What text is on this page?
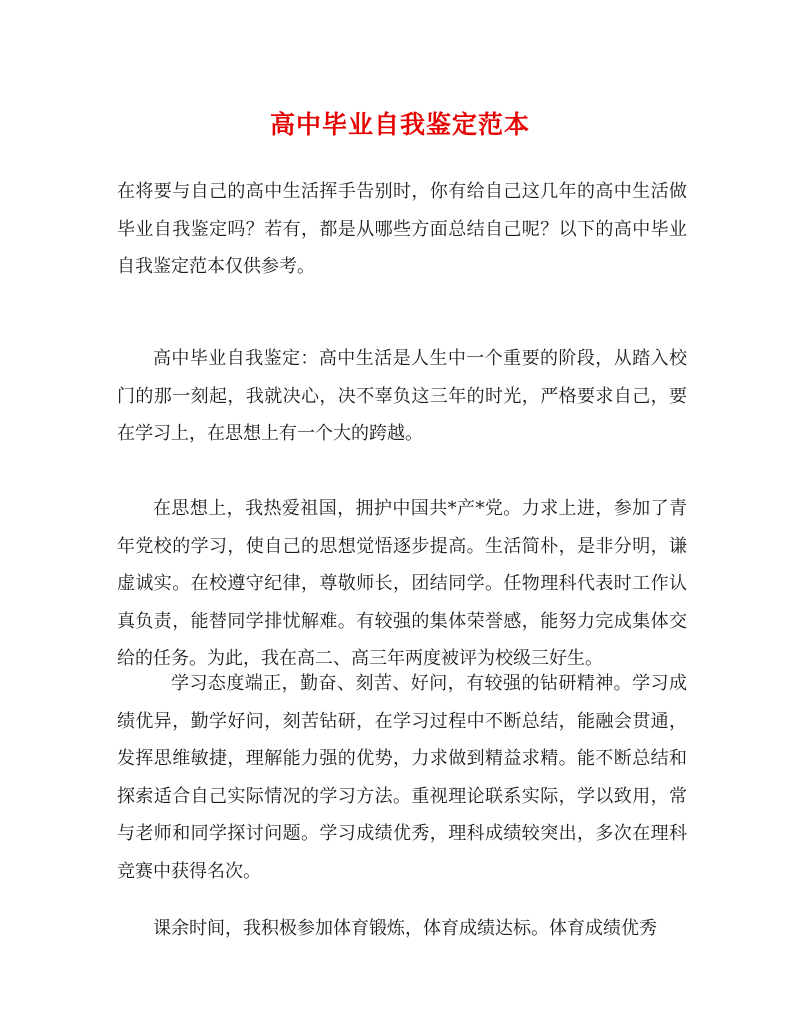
高中毕业自我鉴定范本

在将要与自己的高中生活挥手告别时，你有给自己这几年的高中生活做毕业自我鉴定吗？若有，都是从哪些方面总结自己呢？以下的高中毕业自我鉴定范本仅供参考。

高中毕业自我鉴定：高中生活是人生中一个重要的阶段，从踏入校门的那一刻起，我就决心，决不辜负这三年的时光，严格要求自己，要在学习上，在思想上有一个大的跨越。

在思想上，我热爱祖国，拥护中国共*产*党。力求上进，参加了青年党校的学习，使自己的思想觉悟逐步提高。生活简朴，是非分明，谦虚诚实。在校遵守纪律，尊敬师长，团结同学。任物理科代表时工作认真负责，能替同学排忧解难。有较强的集体荣誉感，能努力完成集体交给的任务。为此，我在高二、高三年两度被评为校级三好生。

学习态度端正，勤奋、刻苦、好问，有较强的钻研精神。学习成绩优异，勤学好问，刻苦钻研，在学习过程中不断总结，能融会贯通，发挥思维敏捷，理解能力强的优势，力求做到精益求精。能不断总结和探索适合自己实际情况的学习方法。重视理论联系实际，学以致用，常与老师和同学探讨问题。学习成绩优秀，理科成绩较突出，多次在理科竞赛中获得名次。

课余时间，我积极参加体育锻炼，体育成绩达标。体育成绩优秀
